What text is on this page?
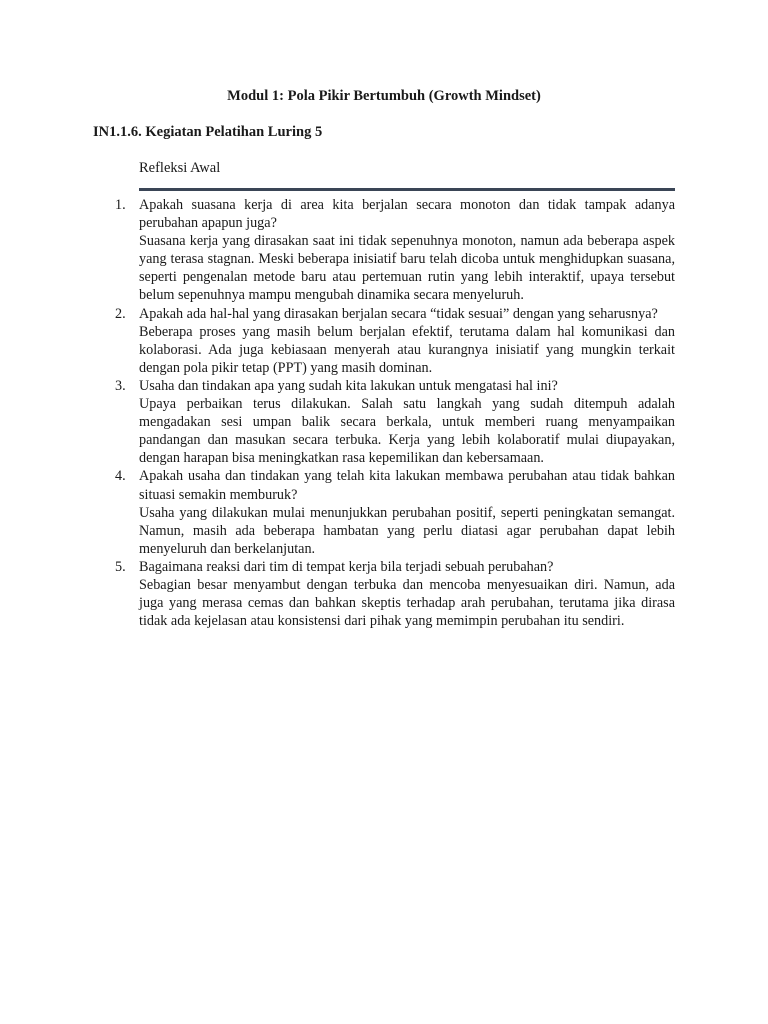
Modul 1: Pola Pikir Bertumbuh (Growth Mindset)
IN1.1.6. Kegiatan Pelatihan Luring 5
Refleksi Awal
1. Apakah suasana kerja di area kita berjalan secara monoton dan tidak tampak adanya perubahan apapun juga?

Suasana kerja yang dirasakan saat ini tidak sepenuhnya monoton, namun ada beberapa aspek yang terasa stagnan. Meski beberapa inisiatif baru telah dicoba untuk menghidupkan suasana, seperti pengenalan metode baru atau pertemuan rutin yang lebih interaktif, upaya tersebut belum sepenuhnya mampu mengubah dinamika secara menyeluruh.

2. Apakah ada hal-hal yang dirasakan berjalan secara “tidak sesuai” dengan yang seharusnya?

Beberapa proses yang masih belum berjalan efektif, terutama dalam hal komunikasi dan kolaborasi. Ada juga kebiasaan menyerah atau kurangnya inisiatif yang mungkin terkait dengan pola pikir tetap (PPT) yang masih dominan.

3. Usaha dan tindakan apa yang sudah kita lakukan untuk mengatasi hal ini?

Upaya perbaikan terus dilakukan. Salah satu langkah yang sudah ditempuh adalah mengadakan sesi umpan balik secara berkala, untuk memberi ruang menyampaikan pandangan dan masukan secara terbuka. Kerja yang lebih kolaboratif mulai diupayakan, dengan harapan bisa meningkatkan rasa kepemilikan dan kebersamaan.

4. Apakah usaha dan tindakan yang telah kita lakukan membawa perubahan atau tidak bahkan situasi semakin memburuk?

Usaha yang dilakukan mulai menunjukkan perubahan positif, seperti peningkatan semangat. Namun, masih ada beberapa hambatan yang perlu diatasi agar perubahan dapat lebih menyeluruh dan berkelanjutan.

5. Bagaimana reaksi dari tim di tempat kerja bila terjadi sebuah perubahan?

Sebagian besar menyambut dengan terbuka dan mencoba menyesuaikan diri. Namun, ada juga yang merasa cemas dan bahkan skeptis terhadap arah perubahan, terutama jika dirasa tidak ada kejelasan atau konsistensi dari pihak yang memimpin perubahan itu sendiri.
